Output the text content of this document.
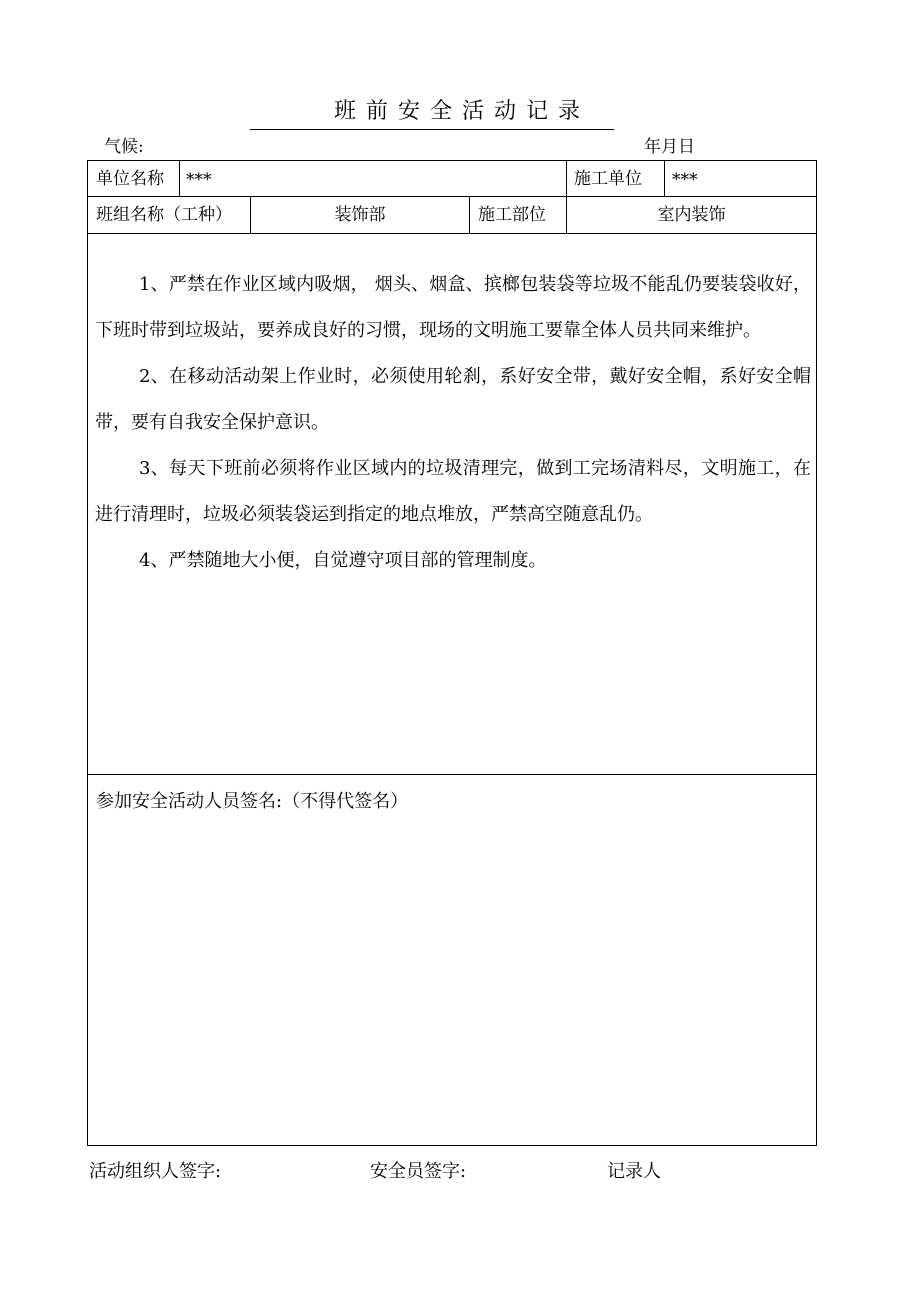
班前安全活动记录
气候:	年月日
单位名称 ***	施工单位 ***
班组名称（工种）	装饰部	施工部位	室内装饰

1、严禁在作业区域内吸烟， 烟头、烟盒、摈榔包装袋等垃圾不能乱仍要装袋收好，下班时带到垃圾站，要养成良好的习惯，现场的文明施工要靠全体人员共同来维护。

2、在移动活动架上作业时，必须使用轮刹，系好安全带，戴好安全帽，系好安全帽带，要有自我安全保护意识。

3、每天下班前必须将作业区域内的垃圾清理完，做到工完场清料尽，文明施工，在进行清理时，垃圾必须装袋运到指定的地点堆放，严禁高空随意乱仍。

4、严禁随地大小便，自觉遵守项目部的管理制度。

参加安全活动人员签名:（不得代签名）
活动组织人签字:	安全员签字:	记录人
